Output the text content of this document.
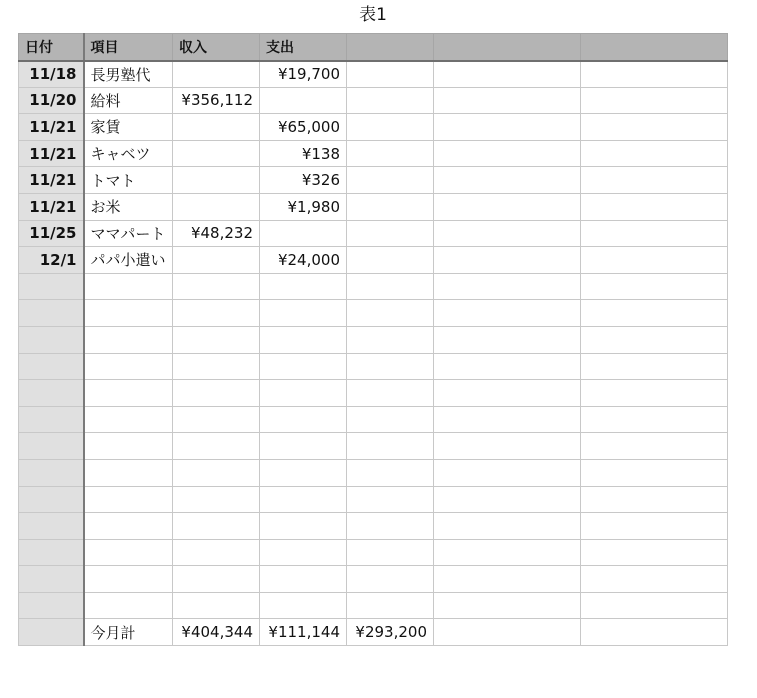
表1
日付	項目	収入	支出			
11/18	長男塾代		¥19,700			
11/20	給料	¥356,112				
11/21	家賃		¥65,000			
11/21	キャベツ		¥138			
11/21	トマト		¥326			
11/21	お米		¥1,980			
11/25	ママパート	¥48,232				
12/1	パパ小遣い		¥24,000			

	今月計	¥404,344	¥111,144	¥293,200		
